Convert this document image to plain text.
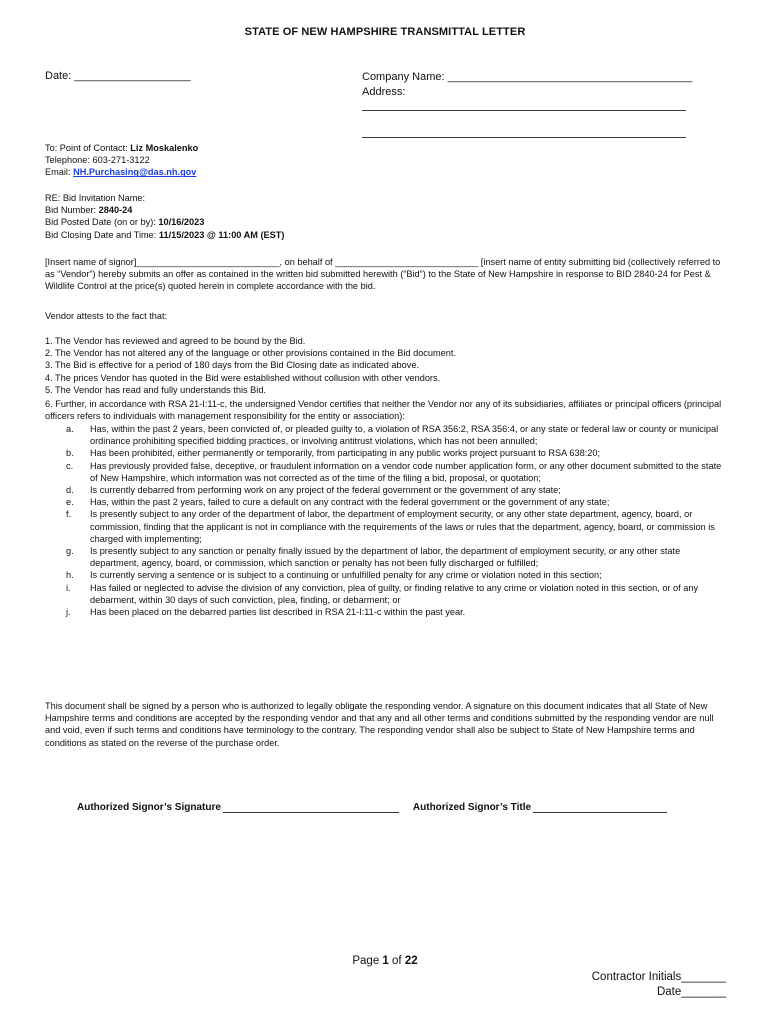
STATE OF NEW HAMPSHIRE TRANSMITTAL LETTER
Date: ___________________	Company Name: ________________________________________
Address:
To: Point of Contact: Liz Moskalenko
Telephone: 603-271-3122
Email: NH.Purchasing@das.nh.gov
RE: Bid Invitation Name:
Bid Number: 2840-24
Bid Posted Date (on or by): 10/16/2023
Bid Closing Date and Time: 11/15/2023 @ 11:00 AM (EST)
[Insert name of signor]____________________________, on behalf of ____________________________ [insert name of entity submitting bid (collectively referred to as “Vendor”) hereby submits an offer as contained in the written bid submitted herewith (“Bid”) to the State of New Hampshire in response to BID 2840-24 for Pest & Wildlife Control at the price(s) quoted herein in complete accordance with the bid.
Vendor attests to the fact that:
1. The Vendor has reviewed and agreed to be bound by the Bid.
2. The Vendor has not altered any of the language or other provisions contained in the Bid document.
3. The Bid is effective for a period of 180 days from the Bid Closing date as indicated above.
4. The prices Vendor has quoted in the Bid were established without collusion with other vendors.
5. The Vendor has read and fully understands this Bid.
6. Further, in accordance with RSA 21-I:11-c, the undersigned Vendor certifies that neither the Vendor nor any of its subsidiaries, affiliates or principal officers (principal officers refers to individuals with management responsibility for the entity or association):
a.	Has, within the past 2 years, been convicted of, or pleaded guilty to, a violation of RSA 356:2, RSA 356:4, or any state or federal law or county or municipal ordinance prohibiting specified bidding practices, or involving antitrust violations, which has not been annulled;
b.	Has been prohibited, either permanently or temporarily, from participating in any public works project pursuant to RSA 638:20;
c.	Has previously provided false, deceptive, or fraudulent information on a vendor code number application form, or any other document submitted to the state of New Hampshire, which information was not corrected as of the time of the filing a bid, proposal, or quotation;
d.	Is currently debarred from performing work on any project of the federal government or the government of any state;
e.	Has, within the past 2 years, failed to cure a default on any contract with the federal government or the government of any state;
f.	Is presently subject to any order of the department of labor, the department of employment security, or any other state department, agency, board, or commission, finding that the applicant is not in compliance with the requirements of the laws or rules that the department, agency, board, or commission is charged with implementing;
g.	Is presently subject to any sanction or penalty finally issued by the department of labor, the department of employment security, or any other state department, agency, board, or commission, which sanction or penalty has not been fully discharged or fulfilled;
h.	Is currently serving a sentence or is subject to a continuing or unfulfilled penalty for any crime or violation noted in this section;
i.	Has failed or neglected to advise the division of any conviction, plea of guilty, or finding relative to any crime or violation noted in this section, or of any debarment, within 30 days of such conviction, plea, finding, or debarment; or
j.	Has been placed on the debarred parties list described in RSA 21-I:11-c within the past year.
This document shall be signed by a person who is authorized to legally obligate the responding vendor. A signature on this document indicates that all State of New Hampshire terms and conditions are accepted by the responding vendor and that any and all other terms and conditions submitted by the responding vendor are null and void, even if such terms and conditions have terminology to the contrary. The responding vendor shall also be subject to State of New Hampshire terms and conditions as stated on the reverse of the purchase order.
Authorized Signor’s Signature	Authorized Signor’s Title
Page 1 of 22
Contractor Initials_______
Date_______
